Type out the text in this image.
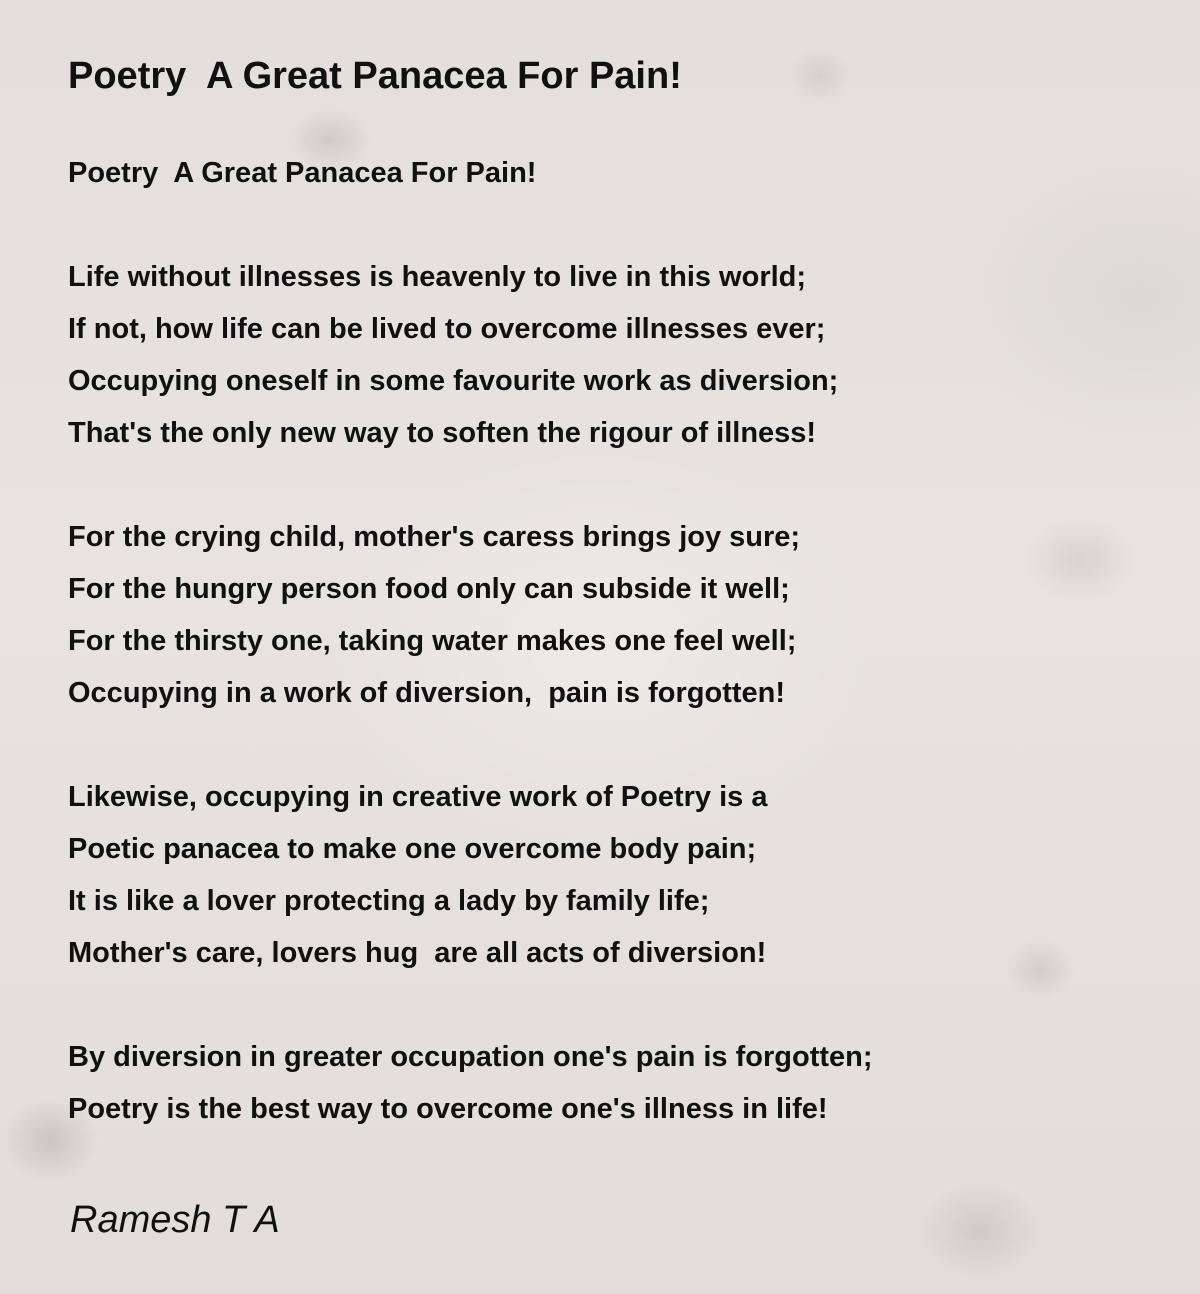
Poetry  A Great Panacea For Pain!
Poetry  A Great Panacea For Pain!
Life without illnesses is heavenly to live in this world;
If not, how life can be lived to overcome illnesses ever;
Occupying oneself in some favourite work as diversion;
That's the only new way to soften the rigour of illness!
For the crying child, mother's caress brings joy sure;
For the hungry person food only can subside it well;
For the thirsty one, taking water makes one feel well;
Occupying in a work of diversion,  pain is forgotten!
Likewise, occupying in creative work of Poetry is a
Poetic panacea to make one overcome body pain;
It is like a lover protecting a lady by family life;
Mother's care, lovers hug  are all acts of diversion!
By diversion in greater occupation one's pain is forgotten;
Poetry is the best way to overcome one's illness in life!
Ramesh T A
